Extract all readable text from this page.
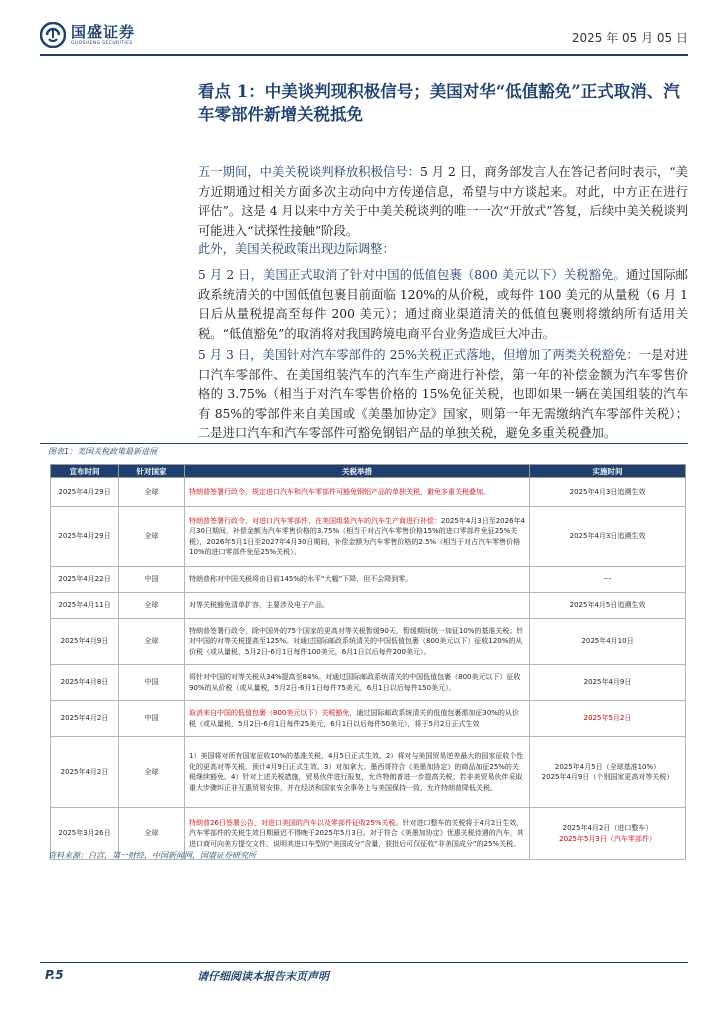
国盛证券
GUOSHENG SECURITIES	2025 年 05 月 05 日
看点 1：中美谈判现积极信号；美国对华“低值豁免”正式取消、汽车零部件新增关税抵免
五一期间，中美关税谈判释放积极信号：5 月 2 日，商务部发言人在答记者问时表示，“美方近期通过相关方面多次主动向中方传递信息，希望与中方谈起来。对此，中方正在进行评估”。这是 4 月以来中方关于中美关税谈判的唯一一次“开放式”答复，后续中美关税谈判可能进入“试探性接触”阶段。
此外，美国关税政策出现边际调整：
5 月 2 日，美国正式取消了针对中国的低值包裹（800 美元以下）关税豁免。通过国际邮政系统清关的中国低值包裹目前面临 120%的从价税，或每件 100 美元的从量税（6 月 1 日后从量税提高至每件 200 美元）；通过商业渠道清关的低值包裹则将缴纳所有适用关税。“低值豁免”的取消将对我国跨境电商平台业务造成巨大冲击。
5 月 3 日，美国针对汽车零部件的 25%关税正式落地，但增加了两类关税豁免：一是对进口汽车零部件、在美国组装汽车的汽车生产商进行补偿，第一年的补偿金额为汽车零售价格的 3.75%（相当于对汽车零售价格的 15%免征关税，也即如果一辆在美国组装的汽车有 85%的零部件来自美国或《美墨加协定》国家，则第一年无需缴纳汽车零部件关税）；二是进口汽车和汽车零部件可豁免钢铝产品的单独关税，避免多重关税叠加。
图表1：美国关税政策最新进展
宣布时间	针对国家	关税举措	实施时间
2025年4月29日	全球	特朗普签署行政令，规定进口汽车和汽车零部件可豁免钢铝产品的单独关税，避免多重关税叠加。	2025年4月3日追溯生效
2025年4月29日	全球	特朗普签署行政令，对进口汽车零部件、在美国组装汽车的汽车生产商进行补偿：2025年4月3日至2026年4月30日期间，补偿金额为汽车零售价格的3.75%（相当于对占汽车零售价格15%的进口零部件免征25%关税），2026年5月1日至2027年4月30日期间，补偿金额为汽车零售价格的2.5%（相当于对占汽车零售价格10%的进口零部件免征25%关税）。	2025年4月3日追溯生效
2025年4月22日	中国	特朗普称对中国关税将由目前145%的水平“大幅”下降，但不会降到零。	---
2025年4月11日	全球	对等关税豁免清单扩容，主要涉及电子产品。	2025年4月5日追溯生效
2025年4月9日	全球	特朗普签署行政令，除中国外的75个国家的更高对等关税暂缓90天，暂缓期间统一加征10%的基准关税；针对中国的对等关税提高至125%。对通过国际邮政系统清关的中国低值包裹（800美元以下）征收120%的从价税（或从量税，5月2日-6月1日每件100美元，6月1日以后每件200美元）。	2025年4月10日
2025年4月8日	中国	将针对中国的对等关税从34%提高至84%。对通过国际邮政系统清关的中国低值包裹（800美元以下）征收90%的从价税（或从量税，5月2日-6月1日每件75美元，6月1日以后每件150美元）。	2025年4月9日
2025年4月2日	中国	取消来自中国的低值包裹（800美元以下）关税豁免，通过国际邮政系统清关的低值包裹需加征30%的从价税（或从量税，5月2日-6月1日每件25美元，6月1日以后每件50美元），将于5月2日正式生效	2025年5月2日
2025年4月2日	全球	1）美国将对所有国家征收10%的基准关税，4月5日正式生效。2）将对与美国贸易逆差最大的国家征收个性化的更高对等关税，预计4月9日正式生效。3）对加拿大、墨西哥符合《美墨加协定》的商品加征25%的关税继续豁免。4）针对上述关税措施，贸易伙伴进行报复，允许特朗普进一步提高关税；若非美贸易伙伴采取重大步骤纠正非互惠贸易安排，并在经济和国家安全事务上与美国保持一致，允许特朗普降低关税。	2025年4月5日（全球基准10%）
2025年4月9日（个别国家更高对等关税）
2025年3月26日	全球	特朗普26日签署公告，对进口美国的汽车以及零部件征收25%关税。针对进口整车的关税将于4月2日生效，汽车零部件的关税生效日期最迟不得晚于2025年5月3日。对于符合《美墨加协定》优惠关税待遇的汽车，其进口商可向美方提交文件，说明其进口车型的“美国成分”含量，获批后可仅征收“非美国成分”的25%关税。	2025年4月2日（进口整车）
2025年5月3日（汽车零部件）
资料来源：白宫，第一财经，中国新闻网，国盛证券研究所
P.5	请仔细阅读本报告末页声明
